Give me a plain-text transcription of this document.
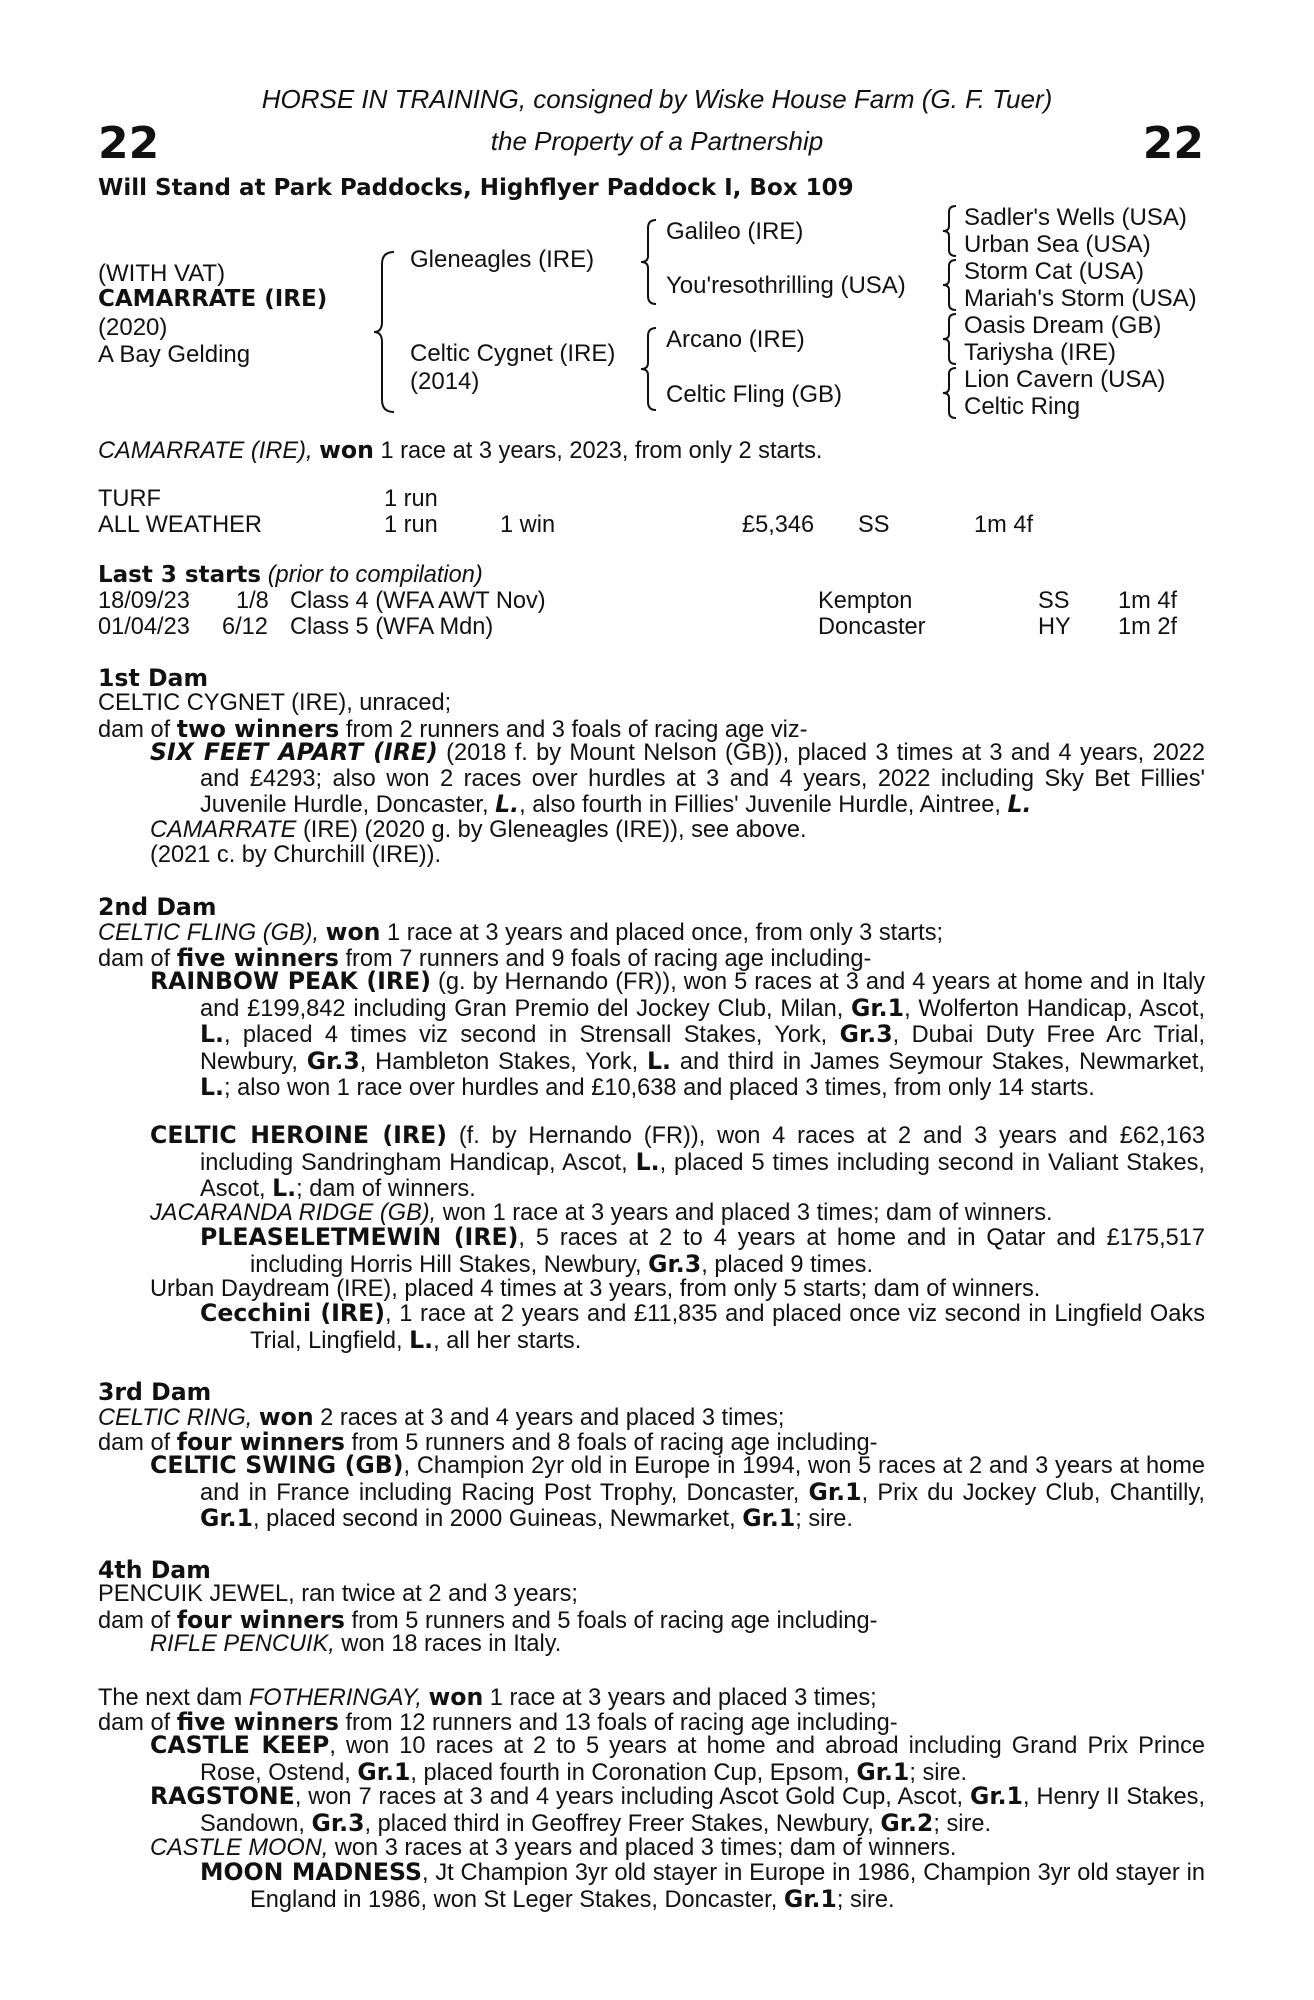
22	22
HORSE IN TRAINING, consigned by Wiske House Farm (G. F. Tuer)
the Property of a Partnership
Will Stand at Park Paddocks, Highflyer Paddock I, Box 109
(WITH VAT)
CAMARRATE (IRE)
(2020)
A Bay Gelding
Gleneagles (IRE)
Celtic Cygnet (IRE)
(2014)
Galileo (IRE)
You'resothrilling (USA)
Arcano (IRE)
Celtic Fling (GB)
Sadler's Wells (USA)
Urban Sea (USA)
Storm Cat (USA)
Mariah's Storm (USA)
Oasis Dream (GB)
Tariysha (IRE)
Lion Cavern (USA)
Celtic Ring
CAMARRATE (IRE), won 1 race at 3 years, 2023, from only 2 starts.
TURF	1 run
ALL WEATHER	1 run	1 win	£5,346 SS	1m 4f
Last 3 starts (prior to compilation)
18/09/23 1/8 Class 4 (WFA AWT Nov)	Kempton	SS 1m 4f
01/04/23 6/12 Class 5 (WFA Mdn)	Doncaster	HY 1m 2f
1st Dam
CELTIC CYGNET (IRE), unraced;
dam of two winners from 2 runners and 3 foals of racing age viz-
SIX FEET APART (IRE) (2018 f. by Mount Nelson (GB)), placed 3 times at 3 and 4 years, 2022 and £4293; also won 2 races over hurdles at 3 and 4 years, 2022 including Sky Bet Fillies' Juvenile Hurdle, Doncaster, L., also fourth in Fillies' Juvenile Hurdle, Aintree, L.
CAMARRATE (IRE) (2020 g. by Gleneagles (IRE)), see above.
(2021 c. by Churchill (IRE)).
2nd Dam
CELTIC FLING (GB), won 1 race at 3 years and placed once, from only 3 starts;
dam of five winners from 7 runners and 9 foals of racing age including-
RAINBOW PEAK (IRE) (g. by Hernando (FR)), won 5 races at 3 and 4 years at home and in Italy and £199,842 including Gran Premio del Jockey Club, Milan, Gr.1, Wolferton Handicap, Ascot, L., placed 4 times viz second in Strensall Stakes, York, Gr.3, Dubai Duty Free Arc Trial, Newbury, Gr.3, Hambleton Stakes, York, L. and third in James Seymour Stakes, Newmarket, L.; also won 1 race over hurdles and £10,638 and placed 3 times, from only 14 starts.
CELTIC HEROINE (IRE) (f. by Hernando (FR)), won 4 races at 2 and 3 years and £62,163 including Sandringham Handicap, Ascot, L., placed 5 times including second in Valiant Stakes, Ascot, L.; dam of winners.
JACARANDA RIDGE (GB), won 1 race at 3 years and placed 3 times; dam of winners.
PLEASELETMEWIN (IRE), 5 races at 2 to 4 years at home and in Qatar and £175,517 including Horris Hill Stakes, Newbury, Gr.3, placed 9 times.
Urban Daydream (IRE), placed 4 times at 3 years, from only 5 starts; dam of winners.
Cecchini (IRE), 1 race at 2 years and £11,835 and placed once viz second in Lingfield Oaks Trial, Lingfield, L., all her starts.
3rd Dam
CELTIC RING, won 2 races at 3 and 4 years and placed 3 times;
dam of four winners from 5 runners and 8 foals of racing age including-
CELTIC SWING (GB), Champion 2yr old in Europe in 1994, won 5 races at 2 and 3 years at home and in France including Racing Post Trophy, Doncaster, Gr.1, Prix du Jockey Club, Chantilly, Gr.1, placed second in 2000 Guineas, Newmarket, Gr.1; sire.
4th Dam
PENCUIK JEWEL, ran twice at 2 and 3 years;
dam of four winners from 5 runners and 5 foals of racing age including-
RIFLE PENCUIK, won 18 races in Italy.
The next dam FOTHERINGAY, won 1 race at 3 years and placed 3 times;
dam of five winners from 12 runners and 13 foals of racing age including-
CASTLE KEEP, won 10 races at 2 to 5 years at home and abroad including Grand Prix Prince Rose, Ostend, Gr.1, placed fourth in Coronation Cup, Epsom, Gr.1; sire.
RAGSTONE, won 7 races at 3 and 4 years including Ascot Gold Cup, Ascot, Gr.1, Henry II Stakes, Sandown, Gr.3, placed third in Geoffrey Freer Stakes, Newbury, Gr.2; sire.
CASTLE MOON, won 3 races at 3 years and placed 3 times; dam of winners.
MOON MADNESS, Jt Champion 3yr old stayer in Europe in 1986, Champion 3yr old stayer in England in 1986, won St Leger Stakes, Doncaster, Gr.1; sire.
